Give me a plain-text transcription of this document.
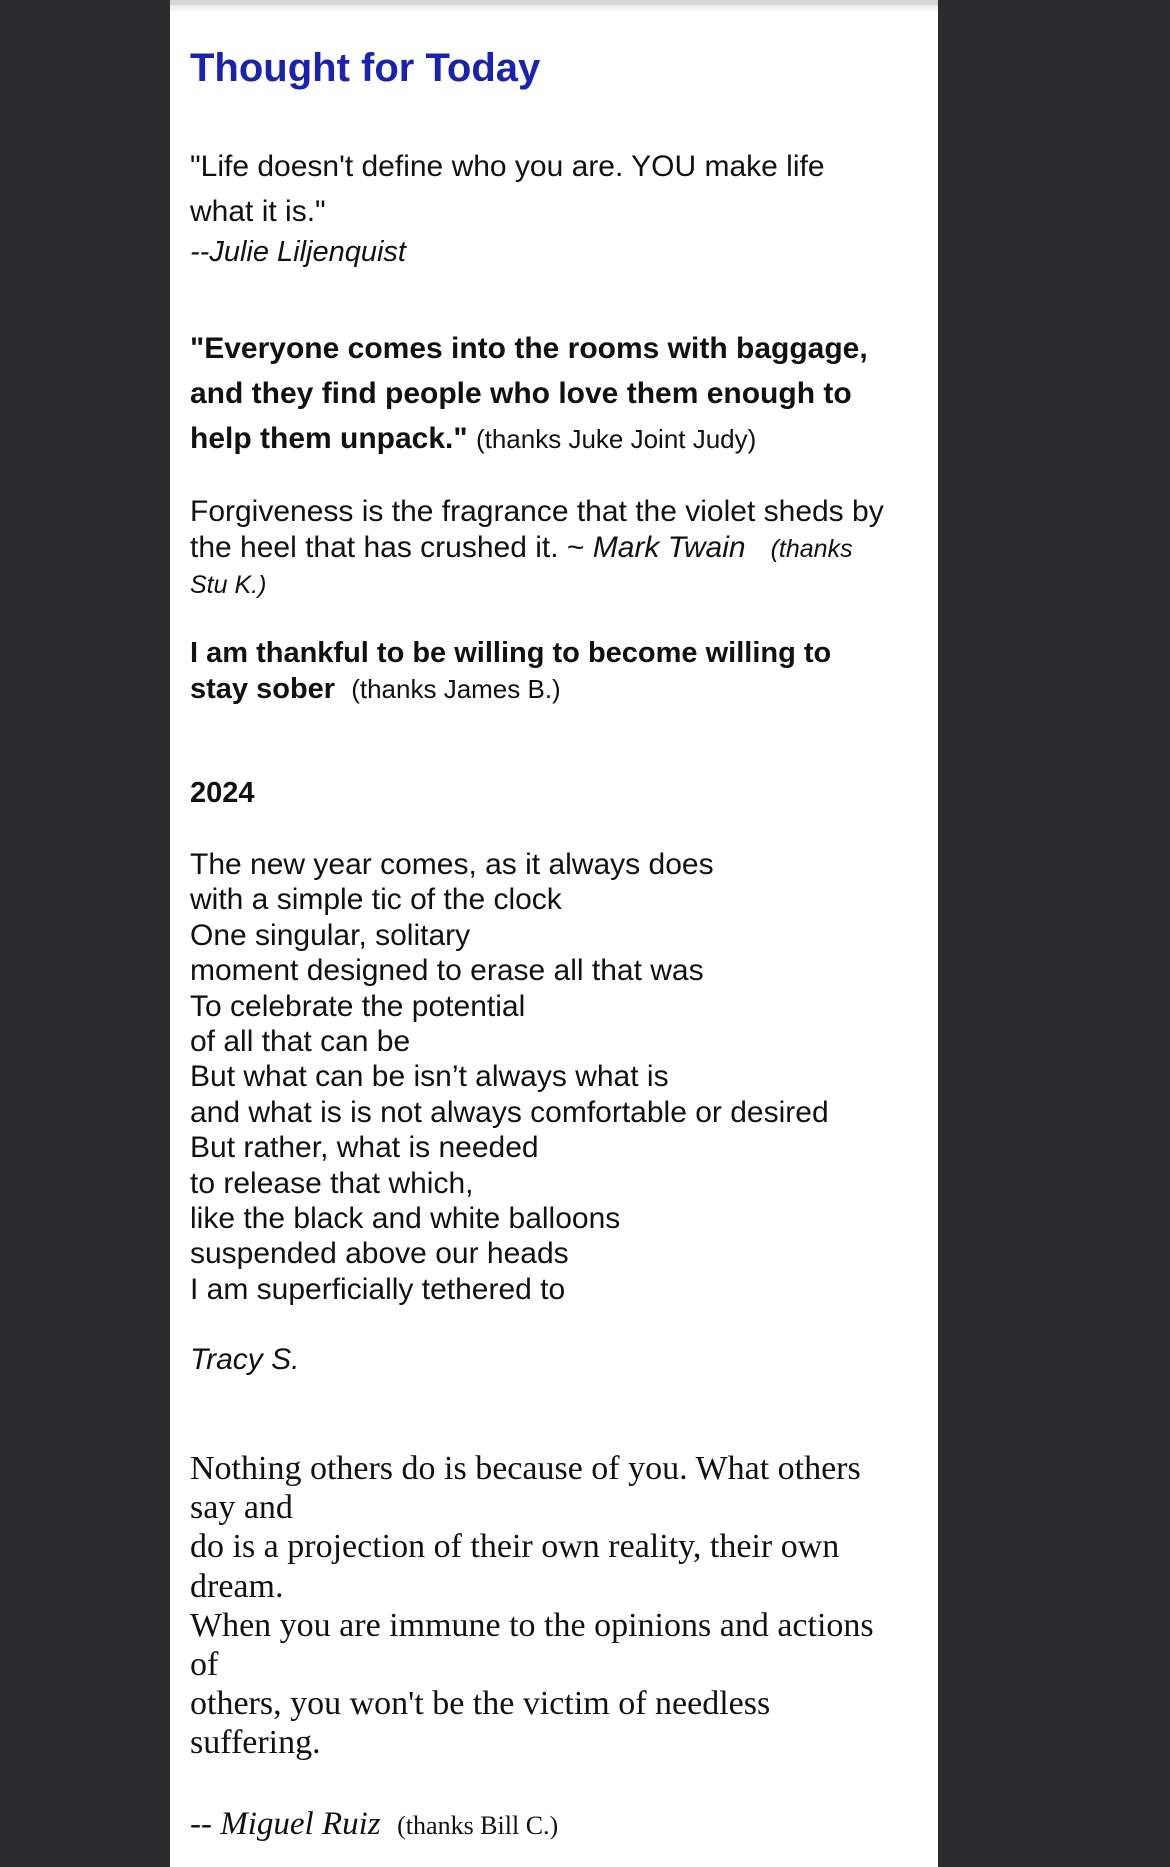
Thought for Today
"Life doesn't define who you are. YOU make life
what it is."
--Julie Liljenquist
"Everyone comes into the rooms with baggage,
and they find people who love them enough to
help them unpack." (thanks Juke Joint Judy)
Forgiveness is the fragrance that the violet sheds by
the heel that has crushed it. ~ Mark Twain (thanks
Stu K.)
I am thankful to be willing to become willing to
stay sober (thanks James B.)
2024
The new year comes, as it always does
with a simple tic of the clock
One singular, solitary
moment designed to erase all that was
To celebrate the potential
of all that can be
But what can be isn’t always what is
and what is is not always comfortable or desired
But rather, what is needed
to release that which,
like the black and white balloons
suspended above our heads
I am superficially tethered to
Tracy S.
Nothing others do is because of you. What others
say and
do is a projection of their own reality, their own
dream.
When you are immune to the opinions and actions
of
others, you won't be the victim of needless
suffering.
-- Miguel Ruiz (thanks Bill C.)
